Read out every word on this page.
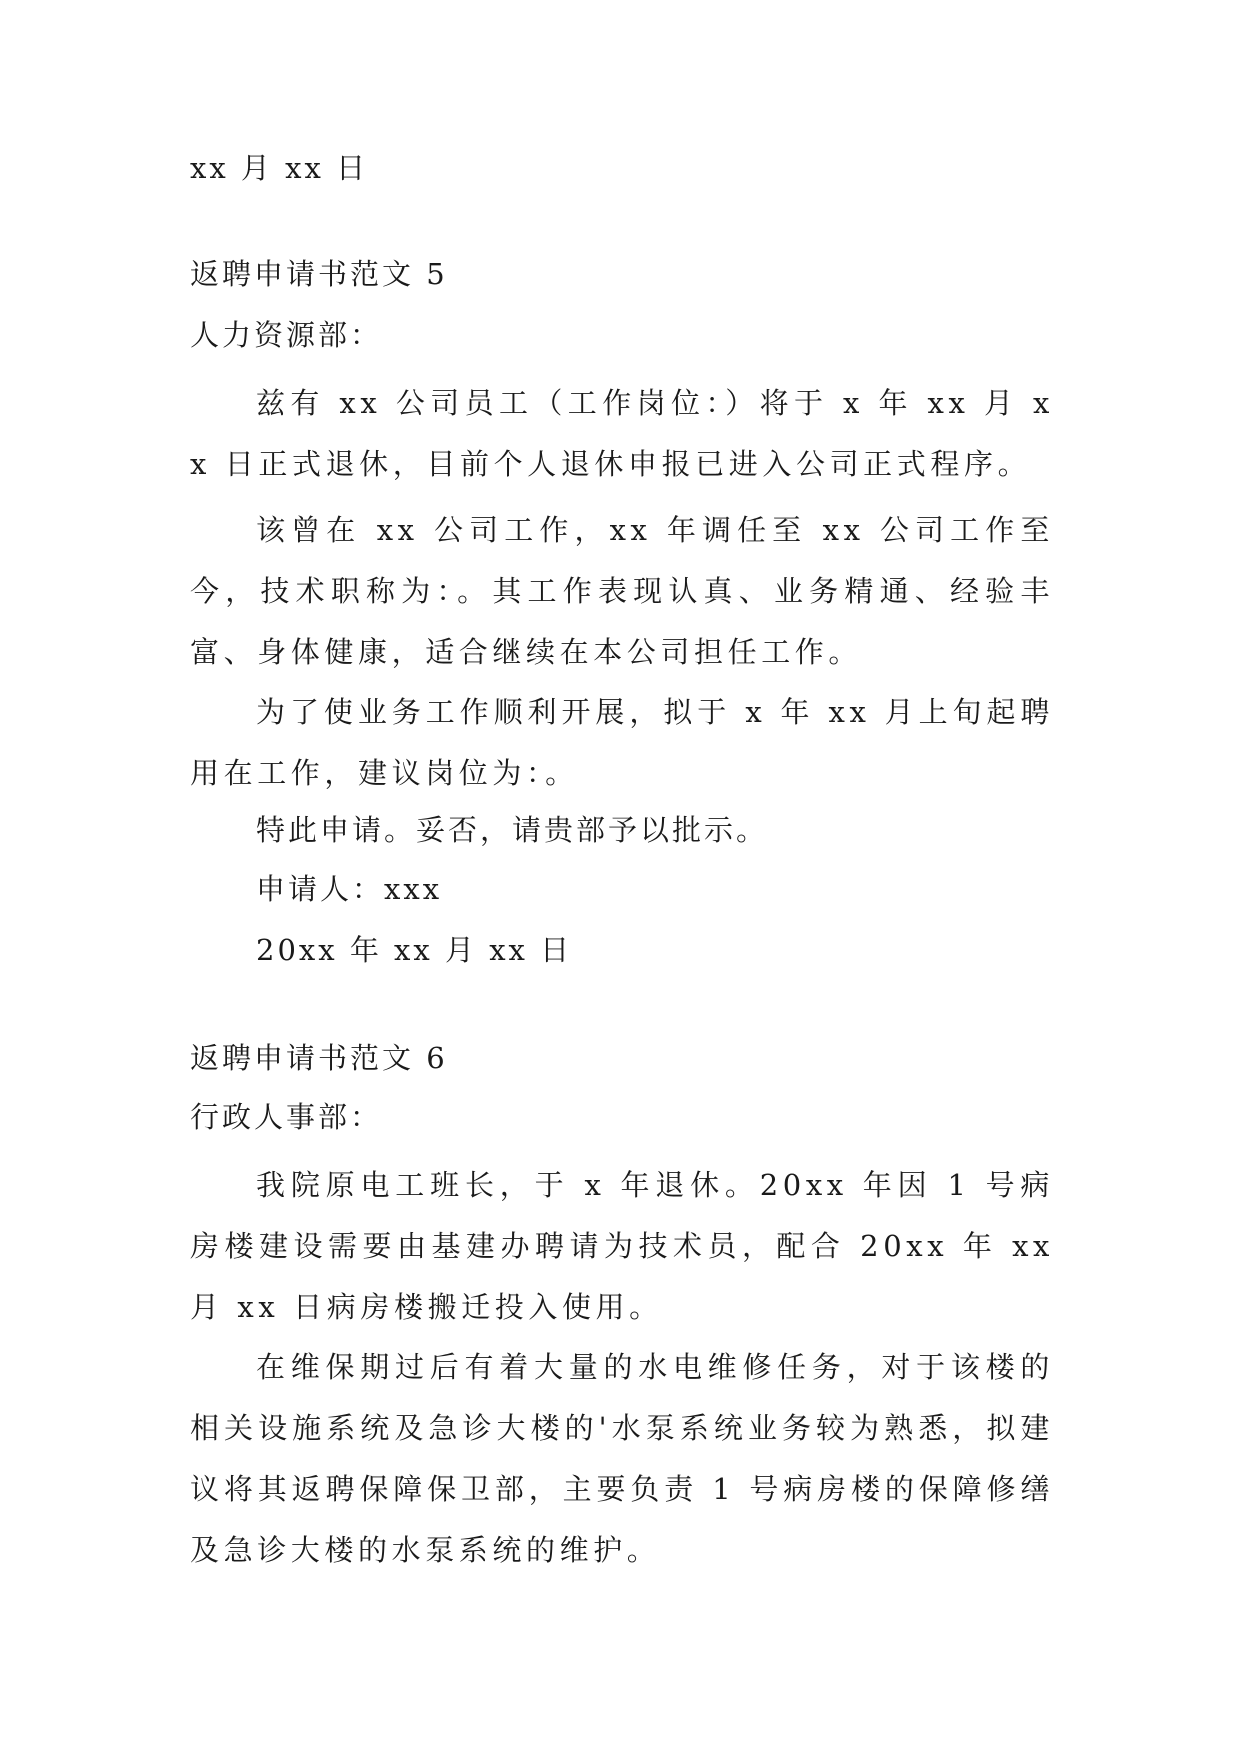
xx 月 xx 日
返聘申请书范文 5
人力资源部：
兹有 xx 公司员工（工作岗位：）将于 x 年 xx 月 xx 日正式退休，目前个人退休申报已进入公司正式程序。
该曾在 xx 公司工作，xx 年调任至 xx 公司工作至今，技术职称为：。其工作表现认真、业务精通、经验丰富、身体健康，适合继续在本公司担任工作。
为了使业务工作顺利开展，拟于 x 年 xx 月上旬起聘用在工作，建议岗位为：。
特此申请。妥否，请贵部予以批示。
申请人：xxx
20xx 年 xx 月 xx 日
返聘申请书范文 6
行政人事部：
我院原电工班长，于 x 年退休。20xx 年因 1 号病房楼建设需要由基建办聘请为技术员，配合 20xx 年 xx 月 xx 日病房楼搬迁投入使用。
在维保期过后有着大量的水电维修任务，对于该楼的相关设施系统及急诊大楼的'水泵系统业务较为熟悉，拟建议将其返聘保障保卫部，主要负责 1 号病房楼的保障修缮及急诊大楼的水泵系统的维护。
